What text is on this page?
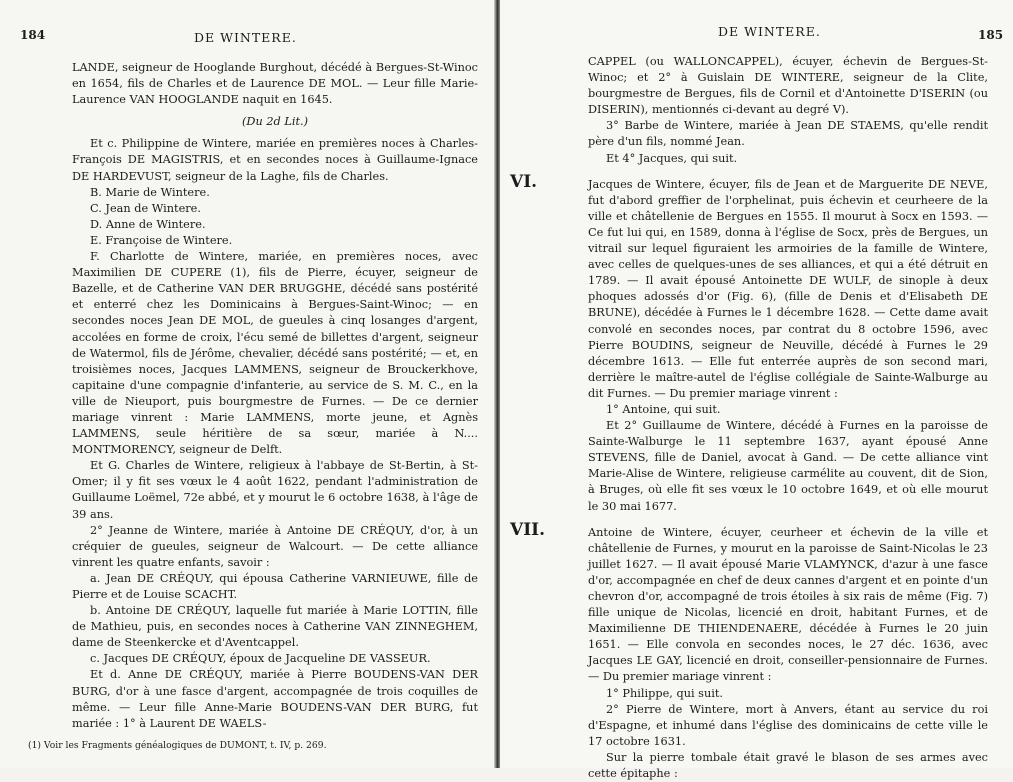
184	DE WINTERE.

LANDE, seigneur de Hooglande Burghout, décédé à Bergues-St-Winoc en 1654, fils de Charles et de Laurence DE MOL. — Leur fille Marie-Laurence VAN HOOGLANDE naquit en 1645.

(Du 2d Lit.)

Et c. Philippine de Wintere, mariée en premières noces à Charles-François DE MAGISTRIS, et en secondes noces à Guillaume-Ignace DE HARDEVUST, seigneur de la Laghe, fils de Charles.

B. Marie de Wintere.

C. Jean de Wintere.

D. Anne de Wintere.

E. Françoise de Wintere.

F. Charlotte de Wintere, mariée, en premières noces, avec Maximilien DE CUPERE (1), fils de Pierre, écuyer, seigneur de Bazelle, et de Catherine VAN DER BRUGGHE, décédé sans postérité et enterré chez les Dominicains à Bergues-Saint-Winoc; — en secondes noces Jean DE MOL, de gueules à cinq losanges d'argent, accolées en forme de croix, l'écu semé de billettes d'argent, seigneur de Watermol, fils de Jérôme, chevalier, décédé sans postérité; — et, en troisièmes noces, Jacques LAMMENS, seigneur de Brouckerkhove, capitaine d'une compagnie d'infanterie, au service de S. M. C., en la ville de Nieuport, puis bourgmestre de Furnes. — De ce dernier mariage vinrent : Marie LAMMENS, morte jeune, et Agnès LAMMENS, seule héritière de sa sœur, mariée à N.... MONTMORENCY, seigneur de Delft.

Et G. Charles de Wintere, religieux à l'abbaye de St-Bertin, à St-Omer; il y fit ses vœux le 4 août 1622, pendant l'administration de Guillaume Loëmel, 72e abbé, et y mourut le 6 octobre 1638, à l'âge de 39 ans.

2° Jeanne de Wintere, mariée à Antoine DE CRÉQUY, d'or, à un créquier de gueules, seigneur de Walcourt. — De cette alliance vinrent les quatre enfants, savoir :

a. Jean DE CRÉQUY, qui épousa Catherine VARNIEUWE, fille de Pierre et de Louise SCACHT.

b. Antoine DE CRÉQUY, laquelle fut mariée à Marie LOTTIN, fille de Mathieu, puis, en secondes noces à Catherine VAN ZINNEGHEM, dame de Steenkercke et d'Aventcappel.

c. Jacques DE CRÉQUY, époux de Jacqueline DE VASSEUR.

Et d. Anne DE CRÉQUY, mariée à Pierre BOUDENS-VAN DER BURG, d'or à une fasce d'argent, accompagnée de trois coquilles de même. — Leur fille Anne-Marie BOUDENS-VAN DER BURG, fut mariée : 1° à Laurent DE WAELS-

(1) Voir les Fragments généalogiques de DUMONT, t. IV, p. 269.
185
DE WINTERE.

CAPPEL (ou WALLONCAPPEL), écuyer, échevin de Bergues-St-Winoc; et 2° à Guislain DE WINTERE, seigneur de la Clite, bourgmestre de Bergues, fils de Cornil et d'Antoinette D'ISERIN (ou DISERIN), mentionnés ci-devant au degré V).

3° Barbe de Wintere, mariée à Jean DE STAEMS, qu'elle rendit père d'un fils, nommé Jean.

Et 4° Jacques, qui suit.

VI.	Jacques de Wintere, écuyer, fils de Jean et de Marguerite DE NEVE, fut d'abord greffier de l'orphelinat, puis échevin et ceurheere de la ville et châtellenie de Bergues en 1555. Il mourut à Socx en 1593. — Ce fut lui qui, en 1589, donna à l'église de Socx, près de Bergues, un vitrail sur lequel figuraient les armoiries de la famille de Wintere, avec celles de quelques-unes de ses alliances, et qui a été détruit en 1789. — Il avait épousé Antoinette DE WULF, de sinople à deux phoques adossés d'or (Fig. 6), (fille de Denis et d'Elisabeth DE BRUNE), décédée à Furnes le 1 décembre 1628. — Cette dame avait convolé en secondes noces, par contrat du 8 octobre 1596, avec Pierre BOUDINS, seigneur de Neuville, décédé à Furnes le 29 décembre 1613. — Elle fut enterrée auprès de son second mari, derrière le maître-autel de l'église collégiale de Sainte-Walburge au dit Furnes. — Du premier mariage vinrent :

1° Antoine, qui suit.

Et 2° Guillaume de Wintere, décédé à Furnes en la paroisse de Sainte-Walburge le 11 septembre 1637, ayant épousé Anne STEVENS, fille de Daniel, avocat à Gand. — De cette alliance vint Marie-Alise de Wintere, religieuse carmélite au couvent, dit de Sion, à Bruges, où elle fit ses vœux le 10 octobre 1649, et où elle mourut le 30 mai 1677.

VII.	Antoine de Wintere, écuyer, ceurheer et échevin de la ville et châtellenie de Furnes, y mourut en la paroisse de Saint-Nicolas le 23 juillet 1627. — Il avait épousé Marie VLAMYNCK, d'azur à une fasce d'or, accompagnée en chef de deux cannes d'argent et en pointe d'un chevron d'or, accompagné de trois étoiles à six rais de même (Fig. 7) fille unique de Nicolas, licencié en droit, habitant Furnes, et de Maximilienne DE THIENDENAERE, décédée à Furnes le 20 juin 1651. — Elle convola en secondes noces, le 27 déc. 1636, avec Jacques LE GAY, licencié en droit, conseiller-pensionnaire de Furnes. — Du premier mariage vinrent :

1° Philippe, qui suit.

2° Pierre de Wintere, mort à Anvers, étant au service du roi d'Espagne, et inhumé dans l'église des dominicains de cette ville le 17 octobre 1631.

Sur la pierre tombale était gravé le blason de ses armes avec cette épitaphe :
